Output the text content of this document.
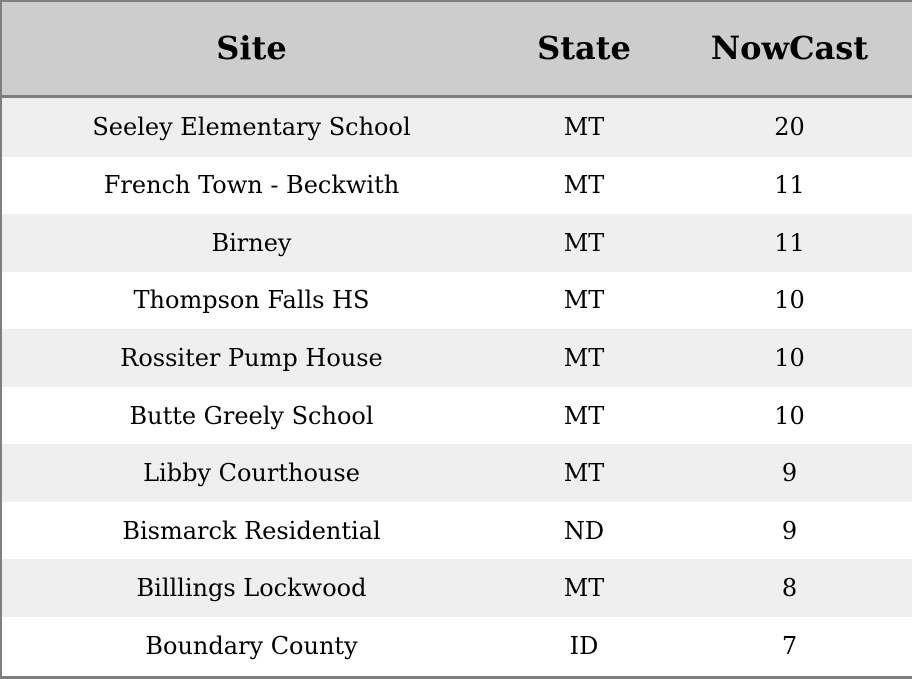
Site	State	NowCast
Seeley Elementary School	MT	20
French Town - Beckwith	MT	11
Birney	MT	11
Thompson Falls HS	MT	10
Rossiter Pump House	MT	10
Butte Greely School	MT	10
Libby Courthouse	MT	9
Bismarck Residential	ND	9
Billlings Lockwood	MT	8
Boundary County	ID	7
